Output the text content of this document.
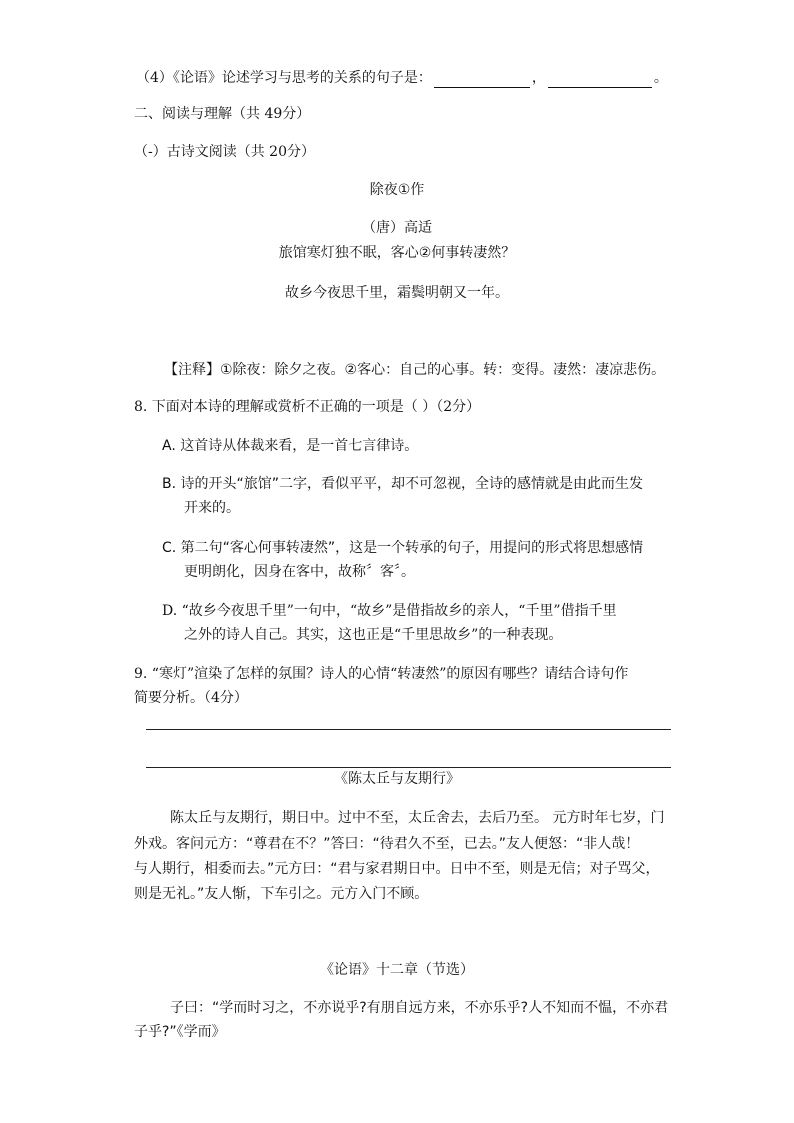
（4）《论语》论述学习与思考的关系的句子是：	，	。
二、阅读与理解（共 49分）
（-）古诗文阅读（共 20分）
除夜①作
（唐）高适
旅馆寒灯独不眠，客心②何事转凄然？
故乡今夜思千里，霜鬓明朝又一年。
【注释】①除夜：除夕之夜。②客心：自己的心事。转：变得。凄然：凄凉悲伤。
8. 下面对本诗的理解或赏析不正确的一项是（ ）（2分）
A. 这首诗从体裁来看，是一首七言律诗。
B. 诗的开头“旅馆”二字，看似平平，却不可忽视，全诗的感情就是由此而生发
开来的。
C. 第二句“客心何事转凄然”，这是一个转承的句子，用提问的形式将思想感情
更明朗化，因身在客中，故称〞客〞。
D. “故乡今夜思千里”一句中，“故乡”是借指故乡的亲人，“千里”借指千里
之外的诗人自己。其实，这也正是“千里思故乡”的一种表现。
9. “寒灯”渲染了怎样的氛围？诗人的心情“转凄然”的原因有哪些？请结合诗句作
简要分析。（4分）
《陈太丘与友期行》
陈太丘与友期行，期日中。过中不至，太丘舍去，去后乃至。 元方时年七岁，门
外戏。客问元方：“尊君在不？”答曰：“待君久不至，已去。”友人便怒：“非人哉！
与人期行，相委而去。”元方曰：“君与家君期日中。日中不至，则是无信；对子骂父，
则是无礼。”友人惭，下车引之。元方入门不顾。
《论语》十二章（节选）
子曰：“学而时习之，不亦说乎?有朋自远方来，不亦乐乎?人不知而不愠，不亦君
子乎?”《学而》
